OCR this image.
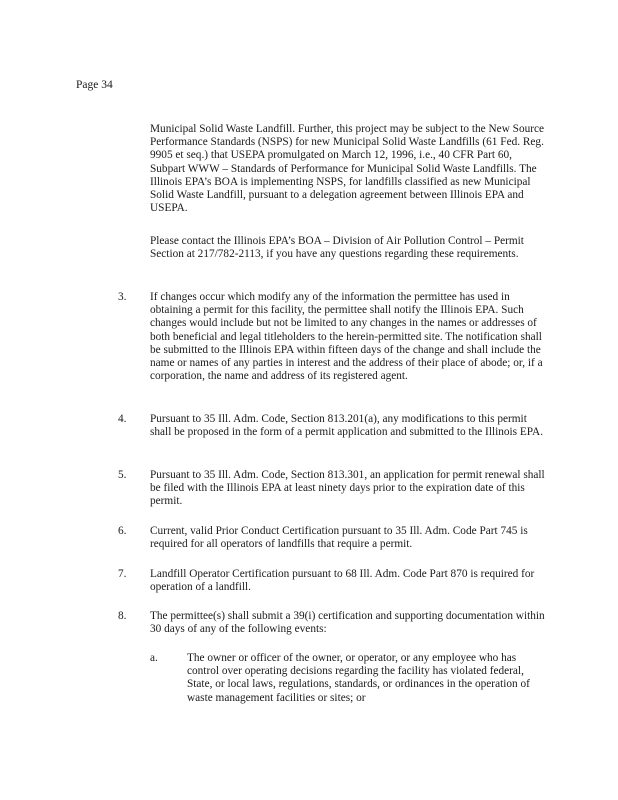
Page 34

Municipal Solid Waste Landfill. Further, this project may be subject to the New Source Performance Standards (NSPS) for new Municipal Solid Waste Landfills (61 Fed. Reg. 9905 et seq.) that USEPA promulgated on March 12, 1996, i.e., 40 CFR Part 60, Subpart WWW – Standards of Performance for Municipal Solid Waste Landfills. The Illinois EPA’s BOA is implementing NSPS, for landfills classified as new Municipal Solid Waste Landfill, pursuant to a delegation agreement between Illinois EPA and USEPA.

Please contact the Illinois EPA’s BOA – Division of Air Pollution Control – Permit Section at 217/782-2113, if you have any questions regarding these requirements.

3. If changes occur which modify any of the information the permittee has used in obtaining a permit for this facility, the permittee shall notify the Illinois EPA. Such changes would include but not be limited to any changes in the names or addresses of both beneficial and legal titleholders to the herein-permitted site. The notification shall be submitted to the Illinois EPA within fifteen days of the change and shall include the name or names of any parties in interest and the address of their place of abode; or, if a corporation, the name and address of its registered agent.

4. Pursuant to 35 Ill. Adm. Code, Section 813.201(a), any modifications to this permit shall be proposed in the form of a permit application and submitted to the Illinois EPA.

5. Pursuant to 35 Ill. Adm. Code, Section 813.301, an application for permit renewal shall be filed with the Illinois EPA at least ninety days prior to the expiration date of this permit.

6. Current, valid Prior Conduct Certification pursuant to 35 Ill. Adm. Code Part 745 is required for all operators of landfills that require a permit.

7. Landfill Operator Certification pursuant to 68 Ill. Adm. Code Part 870 is required for operation of a landfill.

8. The permittee(s) shall submit a 39(i) certification and supporting documentation within 30 days of any of the following events:

a.	The owner or officer of the owner, or operator, or any employee who has control over operating decisions regarding the facility has violated federal, State, or local laws, regulations, standards, or ordinances in the operation of waste management facilities or sites; or
